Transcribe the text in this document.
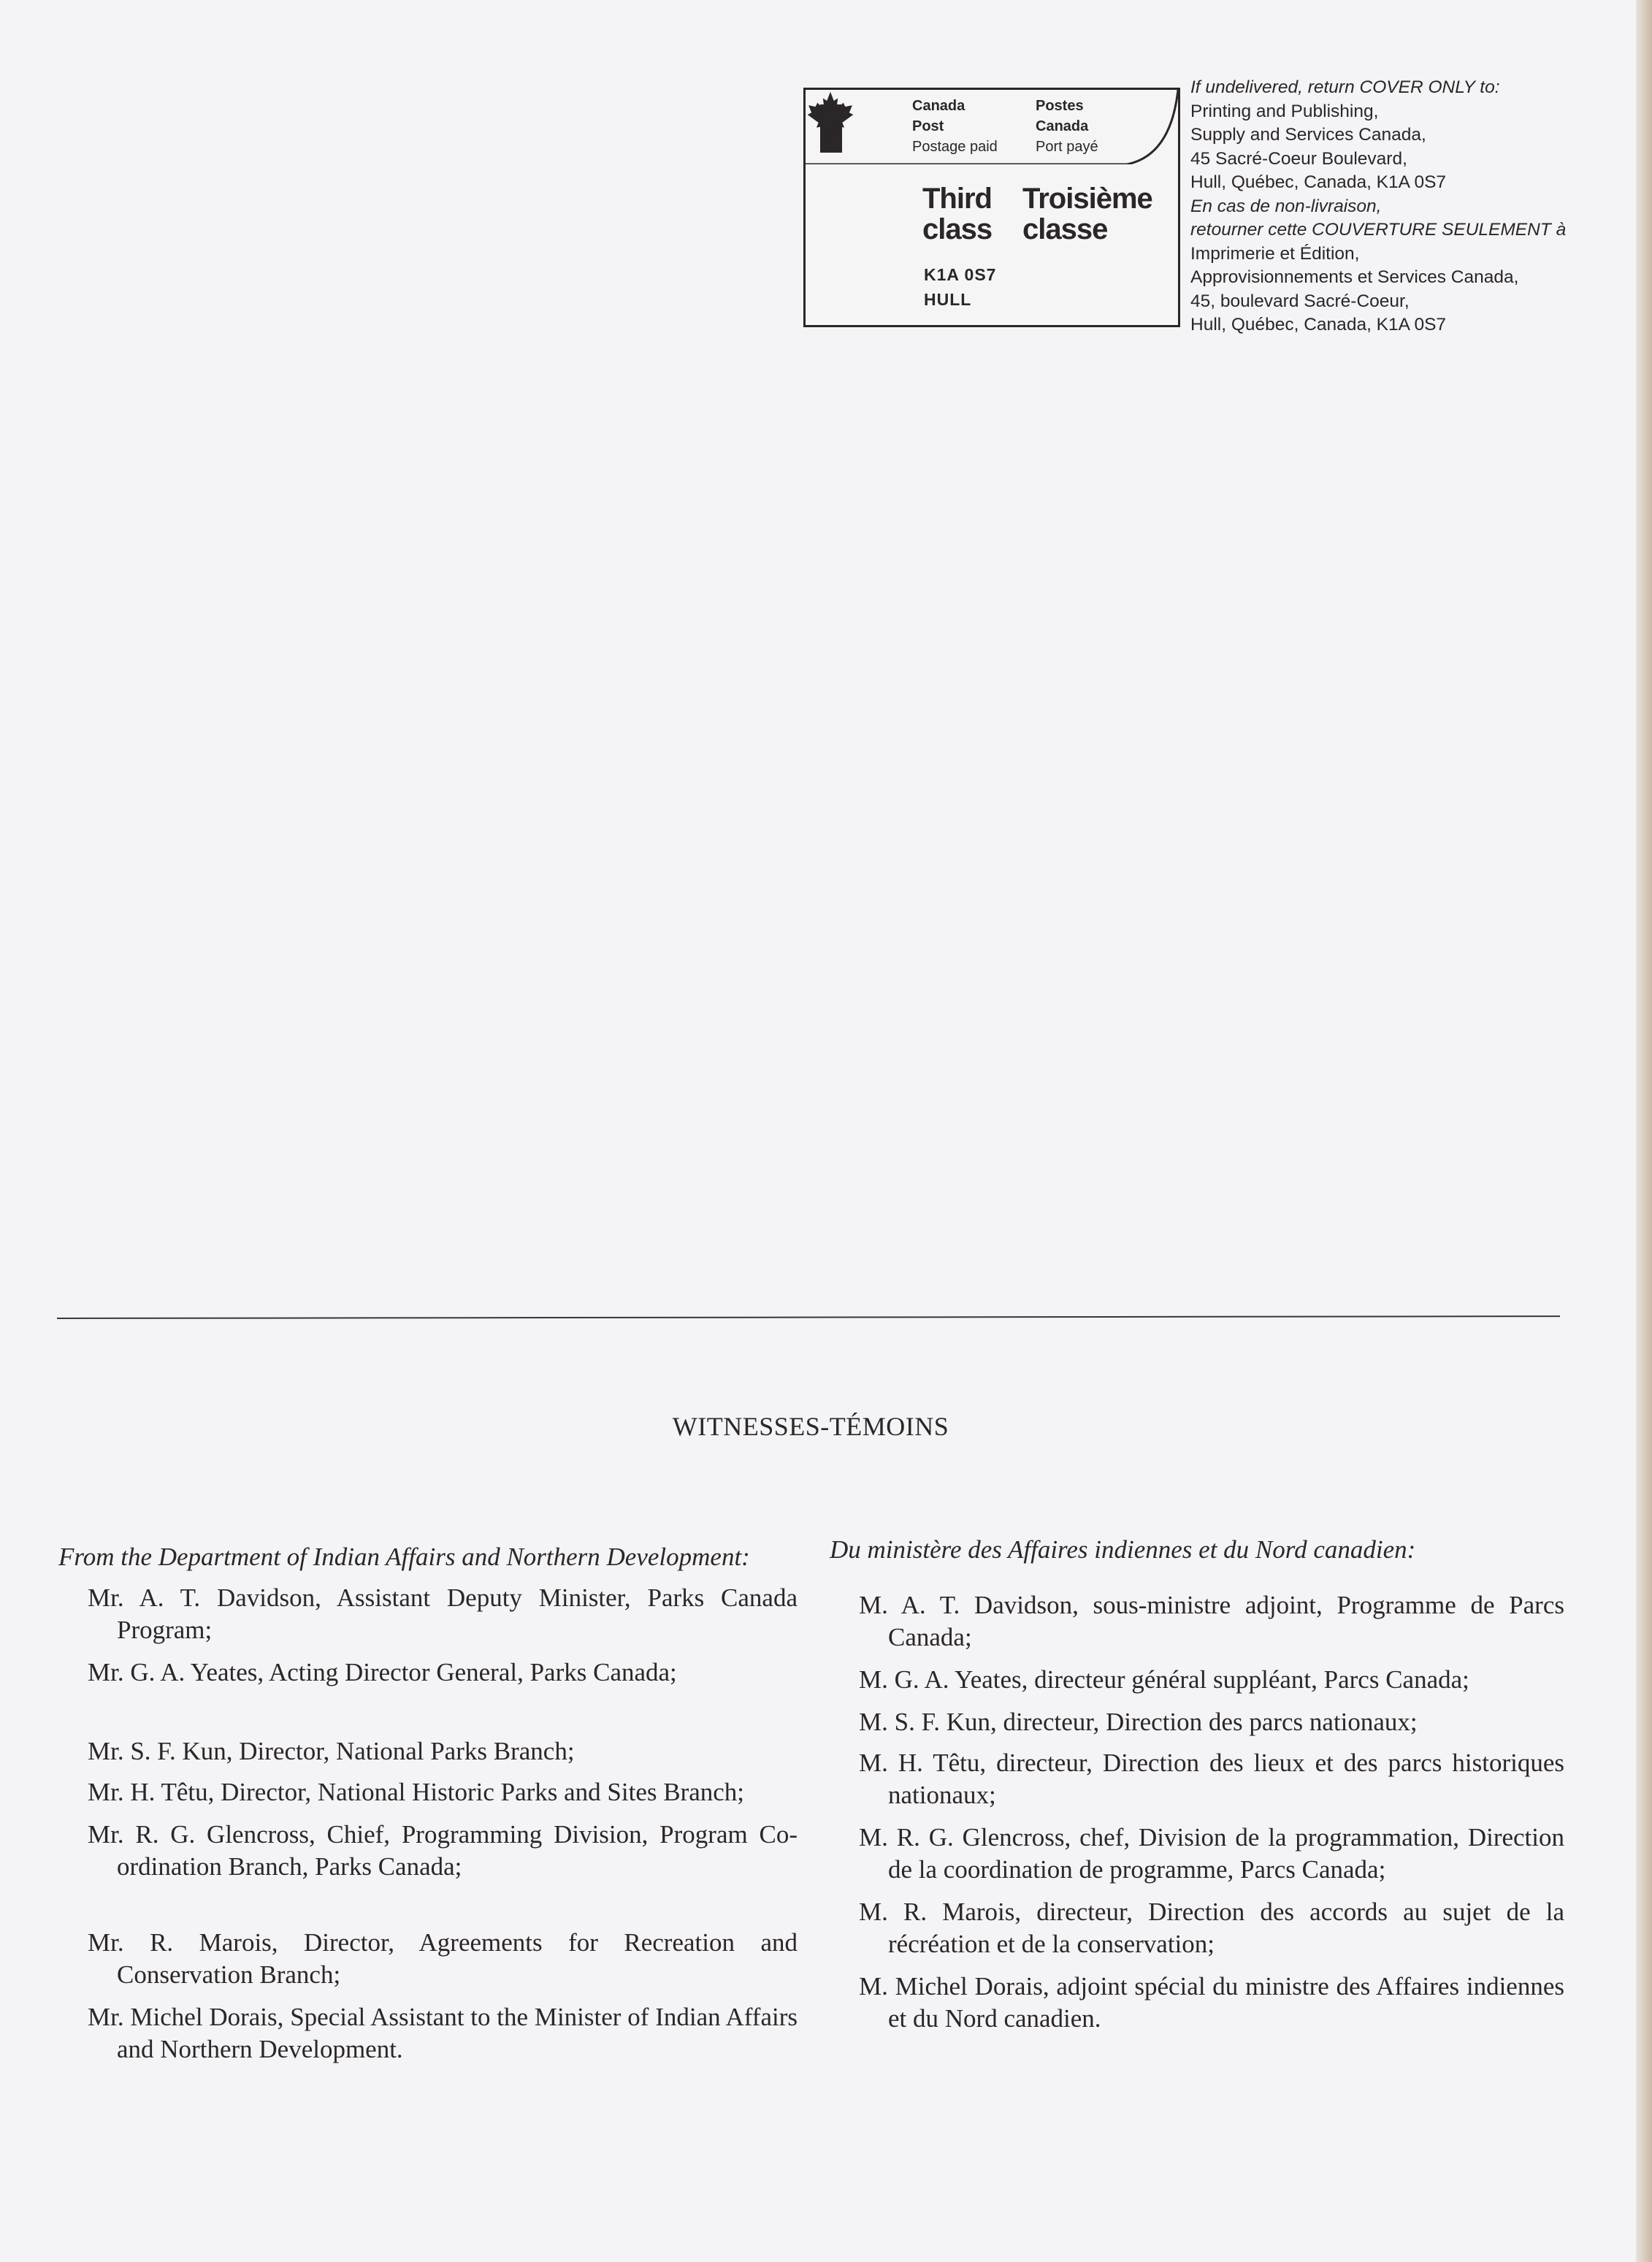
Canada
Post
Postage paid
Postes
Canada
Port payé
Third
class
Troisième
classe
K1A 0S7
HULL
If undelivered, return COVER ONLY to:
Printing and Publishing,
Supply and Services Canada,
45 Sacré-Coeur Boulevard,
Hull, Québec, Canada, K1A 0S7
En cas de non-livraison,
retourner cette COUVERTURE SEULEMENT à
Imprimerie et Édition,
Approvisionnements et Services Canada,
45, boulevard Sacré-Coeur,
Hull, Québec, Canada, K1A 0S7
WITNESSES-TÉMOINS
From the Department of Indian Affairs and Northern Development:
Mr. A. T. Davidson, Assistant Deputy Minister, Parks Canada Program;
Mr. G. A. Yeates, Acting Director General, Parks Canada;
Mr. S. F. Kun, Director, National Parks Branch;
Mr. H. Têtu, Director, National Historic Parks and Sites Branch;
Mr. R. G. Glencross, Chief, Programming Division, Program Co-ordination Branch, Parks Canada;
Mr. R. Marois, Director, Agreements for Recreation and Conservation Branch;
Mr. Michel Dorais, Special Assistant to the Minister of Indian Affairs and Northern Development.
Du ministère des Affaires indiennes et du Nord canadien:
M. A. T. Davidson, sous-ministre adjoint, Programme de Parcs Canada;
M. G. A. Yeates, directeur général suppléant, Parcs Canada;
M. S. F. Kun, directeur, Direction des parcs nationaux;
M. H. Têtu, directeur, Direction des lieux et des parcs historiques nationaux;
M. R. G. Glencross, chef, Division de la programmation, Direction de la coordination de programme, Parcs Canada;
M. R. Marois, directeur, Direction des accords au sujet de la récréation et de la conservation;
M. Michel Dorais, adjoint spécial du ministre des Affaires indiennes et du Nord canadien.
